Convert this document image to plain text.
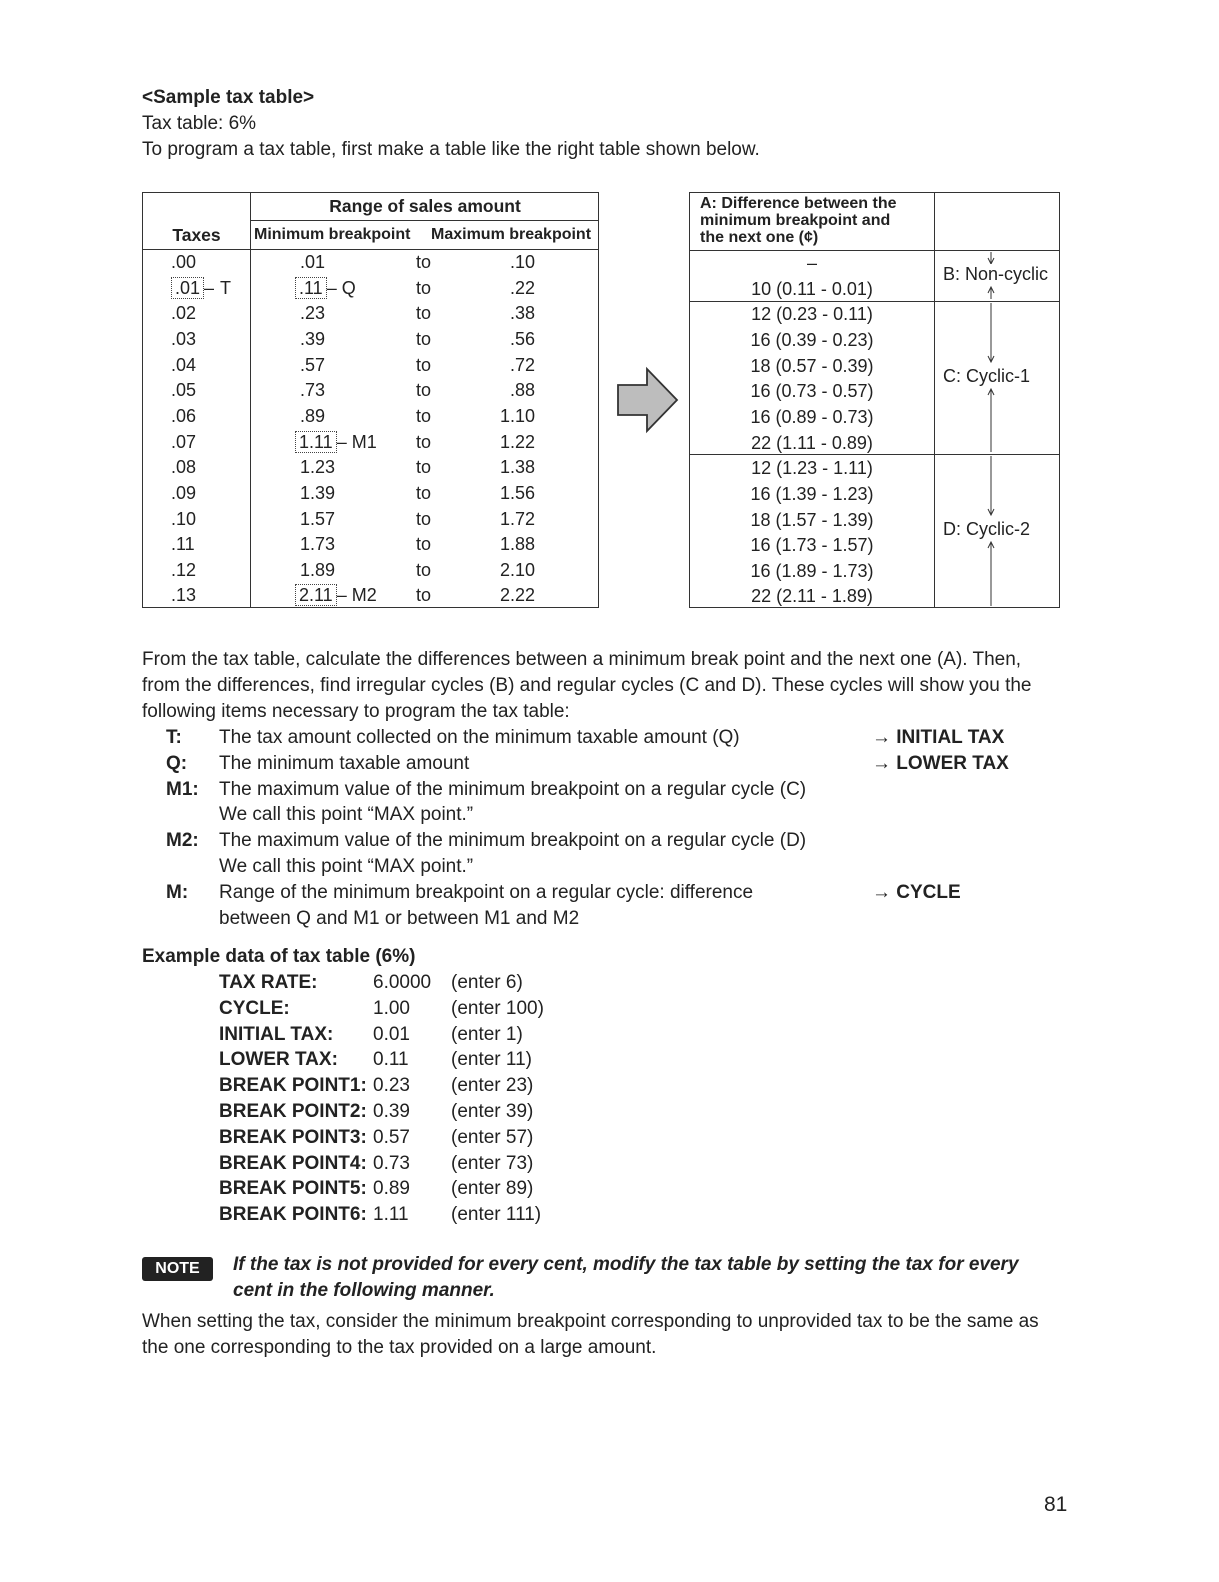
<Sample tax table>
Tax table: 6%
To program a tax table, first make a table like the right table shown below.
Range of sales amount
Taxes	Minimum breakpoint Maximum breakpoint
.00	.01	to	.10
.01 – T	.11 – Q	to	.22
.02	.23	to	.38
.03	.39	to	.56
.04	.57	to	.72
.05	.73	to	.88
.06	.89	to	1.10
.07	1.11 – M1 to	1.22
.08	1.23	to	1.38
.09	1.39	to	1.56
.10	1.57	to	1.72
.11	1.73	to	1.88
.12	1.89	to	2.10
.13	2.11 – M2 to	2.22
A: Difference between the
minimum breakpoint and
the next one (¢)
–
10 (0.11 - 0.01)
12 (0.23 - 0.11)
16 (0.39 - 0.23)
18 (0.57 - 0.39)
16 (0.73 - 0.57)
16 (0.89 - 0.73)
22 (1.11 - 0.89)
12 (1.23 - 1.11)
16 (1.39 - 1.23)
18 (1.57 - 1.39)
16 (1.73 - 1.57)
16 (1.89 - 1.73)
22 (2.11 - 1.89)
B: Non-cyclic
C: Cyclic-1
D: Cyclic-2
From the tax table, calculate the differences between a minimum break point and the next one (A). Then,
from the differences, find irregular cycles (B) and regular cycles (C and D). These cycles will show you the
following items necessary to program the tax table:
T: The tax amount collected on the minimum taxable amount (Q)	→ INITIAL TAX
Q: The minimum taxable amount	→ LOWER TAX
M1: The maximum value of the minimum breakpoint on a regular cycle (C)
We call this point “MAX point.”
M2: The maximum value of the minimum breakpoint on a regular cycle (D)
We call this point “MAX point.”
M: Range of the minimum breakpoint on a regular cycle: difference
between Q and M1 or between M1 and M2
→ CYCLE
Example data of tax table (6%)
TAX RATE:	6.0000 (enter 6)
CYCLE:	1.00 (enter 100)
INITIAL TAX: 0.01 (enter 1)
LOWER TAX: 0.11 (enter 11)
BREAK POINT1: 0.23 (enter 23)
BREAK POINT2: 0.39 (enter 39)
BREAK POINT3: 0.57 (enter 57)
BREAK POINT4: 0.73 (enter 73)
BREAK POINT5: 0.89 (enter 89)
BREAK POINT6: 1.11 (enter 111)
NOTE	If the tax is not provided for every cent, modify the tax table by setting the tax for every
cent in the following manner.
When setting the tax, consider the minimum breakpoint corresponding to unprovided tax to be the same as
the one corresponding to the tax provided on a large amount.
81
